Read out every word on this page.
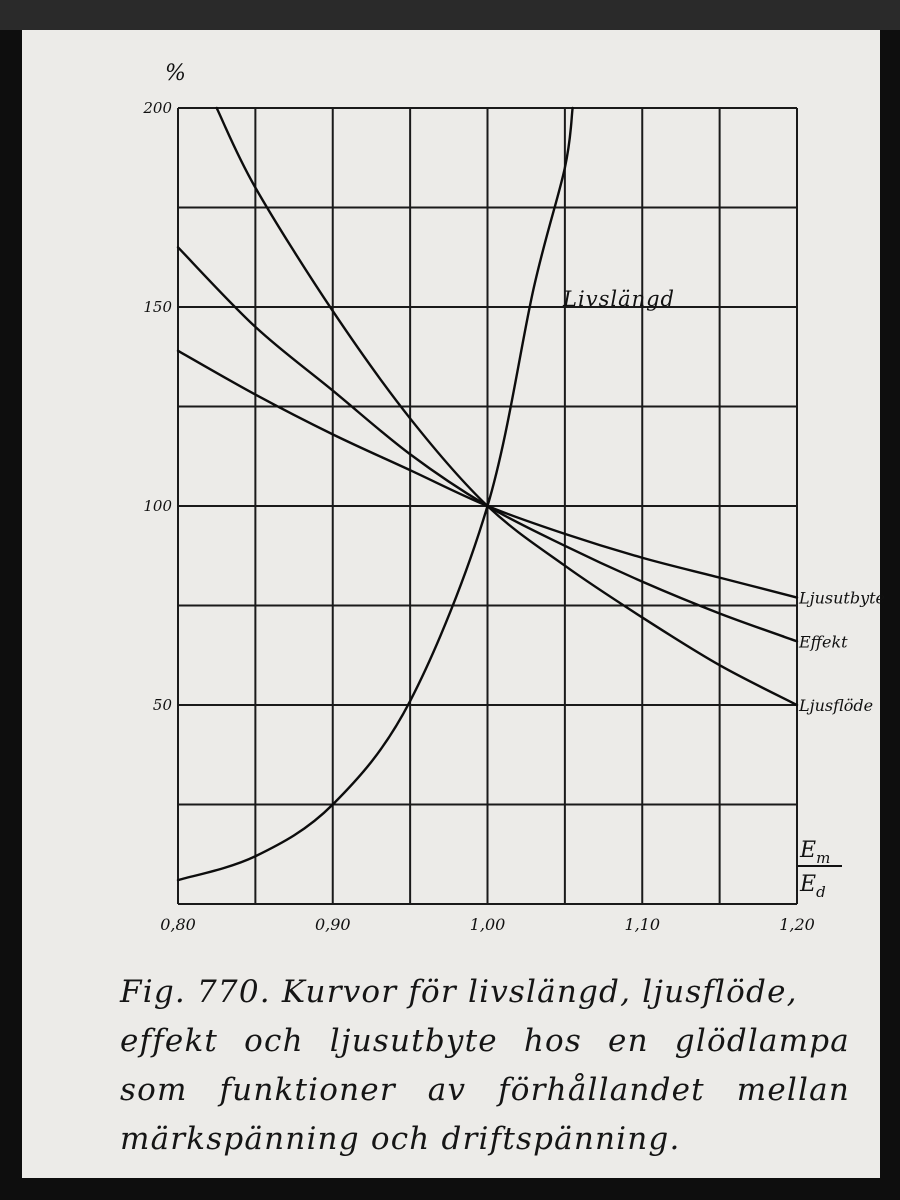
50
100
150
200
0,80	0,90	1,00	1,10	1,20
Livslängd
Ljusflöde
Effekt
Ljusutbyte
%
$E_m$
$E_d$

Fig. 770. Kurvor för livslängd, ljusflöde,
effekt och ljusutbyte hos en glödlampa
som funktioner av förhållandet mellan
märkspänning och driftspänning.
